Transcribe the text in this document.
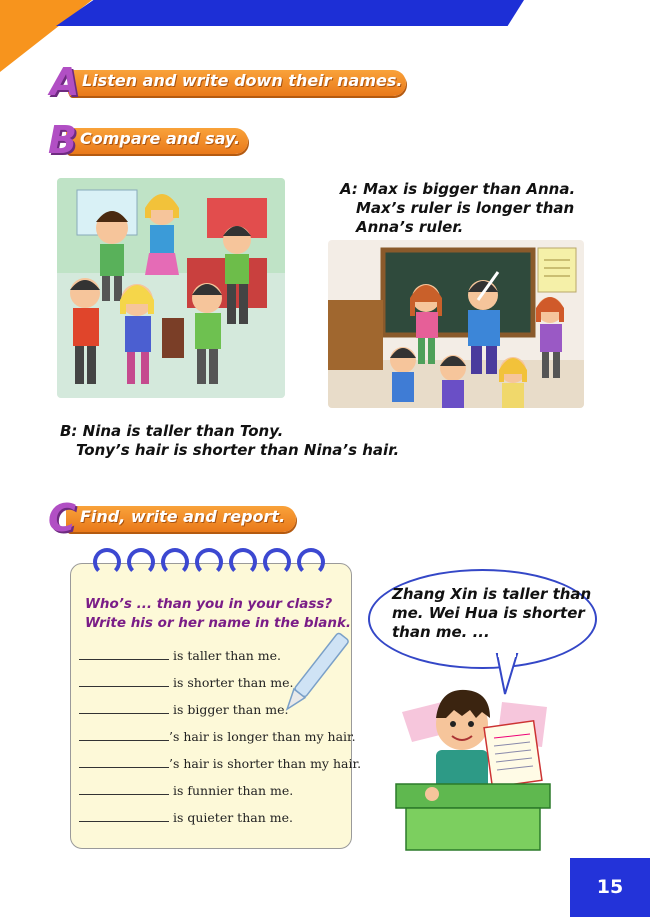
A Listen and write down their names.
B Compare and say.
A: Max is bigger than Anna.
Max’s ruler is longer than
Anna’s ruler.
B: Nina is taller than Tony.
Tony’s hair is shorter than Nina’s hair.
C Find, write and report.
Who’s ... than you in your class?
Write his or her name in the blank.
is taller than me.
is shorter than me.
is bigger than me.
’s hair is longer than my hair.
’s hair is shorter than my hair.
is funnier than me.
is quieter than me.
Zhang Xin is taller than
me. Wei Hua is shorter
than me. ...
15
